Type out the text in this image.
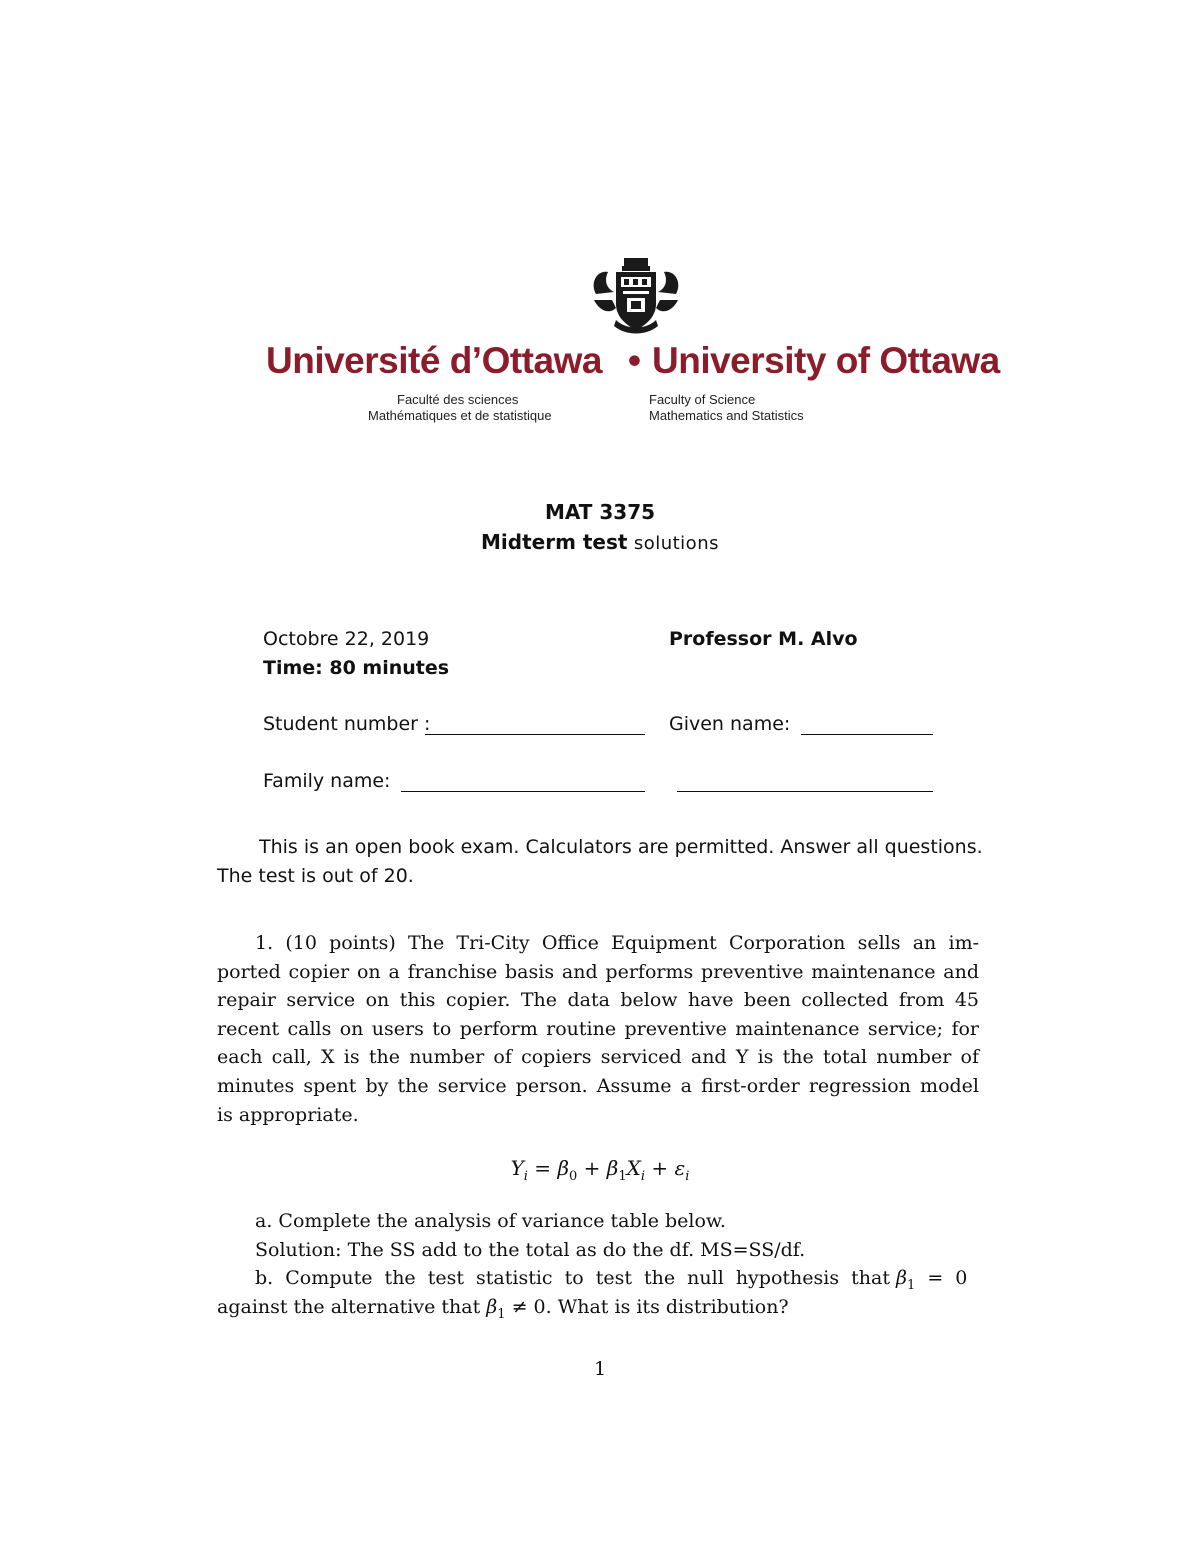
Université d’Ottawa • University of Ottawa
Faculté des sciences
Mathématiques et de statistique
Faculty of Science
Mathematics and Statistics
MAT 3375
Midterm test solutions
Octobre 22, 2019	Professor M. Alvo
Time: 80 minutes
Student number :	Given name:
Family name:
This is an open book exam. Calculators are permitted. Answer all questions.
The test is out of 20.
1. (10 points) The Tri-City Office Equipment Corporation sells an im-
ported copier on a franchise basis and performs preventive maintenance and
repair service on this copier. The data below have been collected from 45
recent calls on users to perform routine preventive maintenance service; for
each call, X is the number of copiers serviced and Y is the total number of
minutes spent by the service person. Assume a first-order regression model
is appropriate.
$Y_i = \beta_0 + \beta_1X_i + \varepsilon_i$
a. Complete the analysis of variance table below.
Solution: The SS add to the total as do the df. MS=SS/df.
b. Compute the test statistic to test the null hypothesis that $\beta_1 = 0$
against the alternative that $\beta_1 \ne 0$. What is its distribution?
1
